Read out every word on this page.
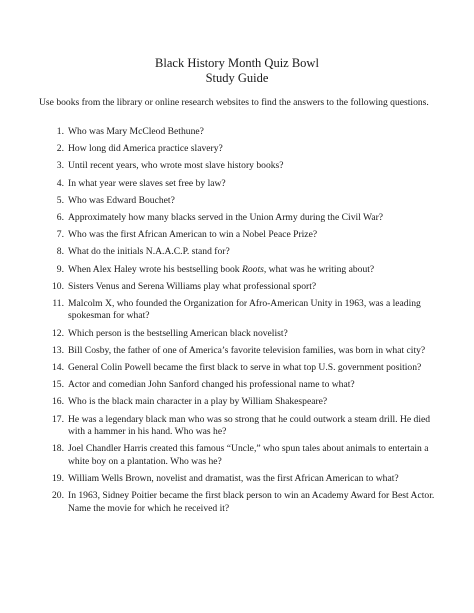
Black History Month Quiz Bowl
Study Guide
Use books from the library or online research websites to find the answers to the following questions.
1. Who was Mary McCleod Bethune?
2. How long did America practice slavery?
3. Until recent years, who wrote most slave history books?
4. In what year were slaves set free by law?
5. Who was Edward Bouchet?
6. Approximately how many blacks served in the Union Army during the Civil War?
7. Who was the first African American to win a Nobel Peace Prize?
8. What do the initials N.A.A.C.P. stand for?
9. When Alex Haley wrote his bestselling book Roots, what was he writing about?
10. Sisters Venus and Serena Williams play what professional sport?
11. Malcolm X, who founded the Organization for Afro-American Unity in 1963, was a leading spokesman for what?
12. Which person is the bestselling American black novelist?
13. Bill Cosby, the father of one of America’s favorite television families, was born in what city?
14. General Colin Powell became the first black to serve in what top U.S. government position?
15. Actor and comedian John Sanford changed his professional name to what?
16. Who is the black main character in a play by William Shakespeare?
17. He was a legendary black man who was so strong that he could outwork a steam drill. He died with a hammer in his hand. Who was he?
18. Joel Chandler Harris created this famous “Uncle,” who spun tales about animals to entertain a white boy on a plantation. Who was he?
19. William Wells Brown, novelist and dramatist, was the first African American to what?
20. In 1963, Sidney Poitier became the first black person to win an Academy Award for Best Actor. Name the movie for which he received it?
